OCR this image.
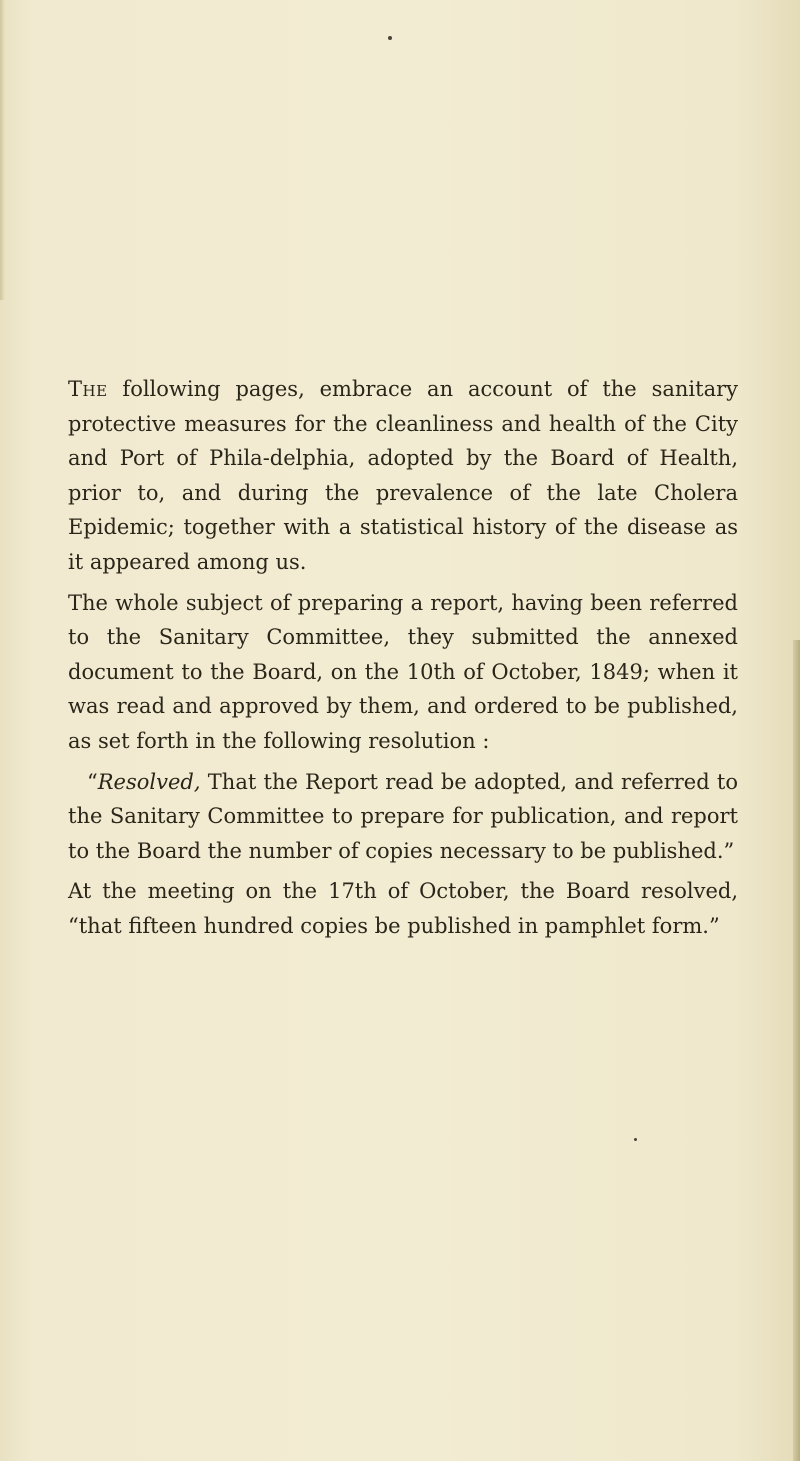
The following pages, embrace an account of the sanitary protective measures for the cleanliness and health of the City and Port of Phila-delphia, adopted by the Board of Health, prior to, and during the prevalence of the late Cholera Epidemic; together with a statistical history of the disease as it appeared among us.

The whole subject of preparing a report, having been referred to the Sanitary Committee, they submitted the annexed document to the Board, on the 10th of October, 1849; when it was read and approved by them, and ordered to be published, as set forth in the following resolution :

“Resolved, That the Report read be adopted, and referred to the Sanitary Committee to prepare for publication, and report to the Board the number of copies necessary to be published.”

At the meeting on the 17th of October, the Board resolved, “that fifteen hundred copies be published in pamphlet form.”
